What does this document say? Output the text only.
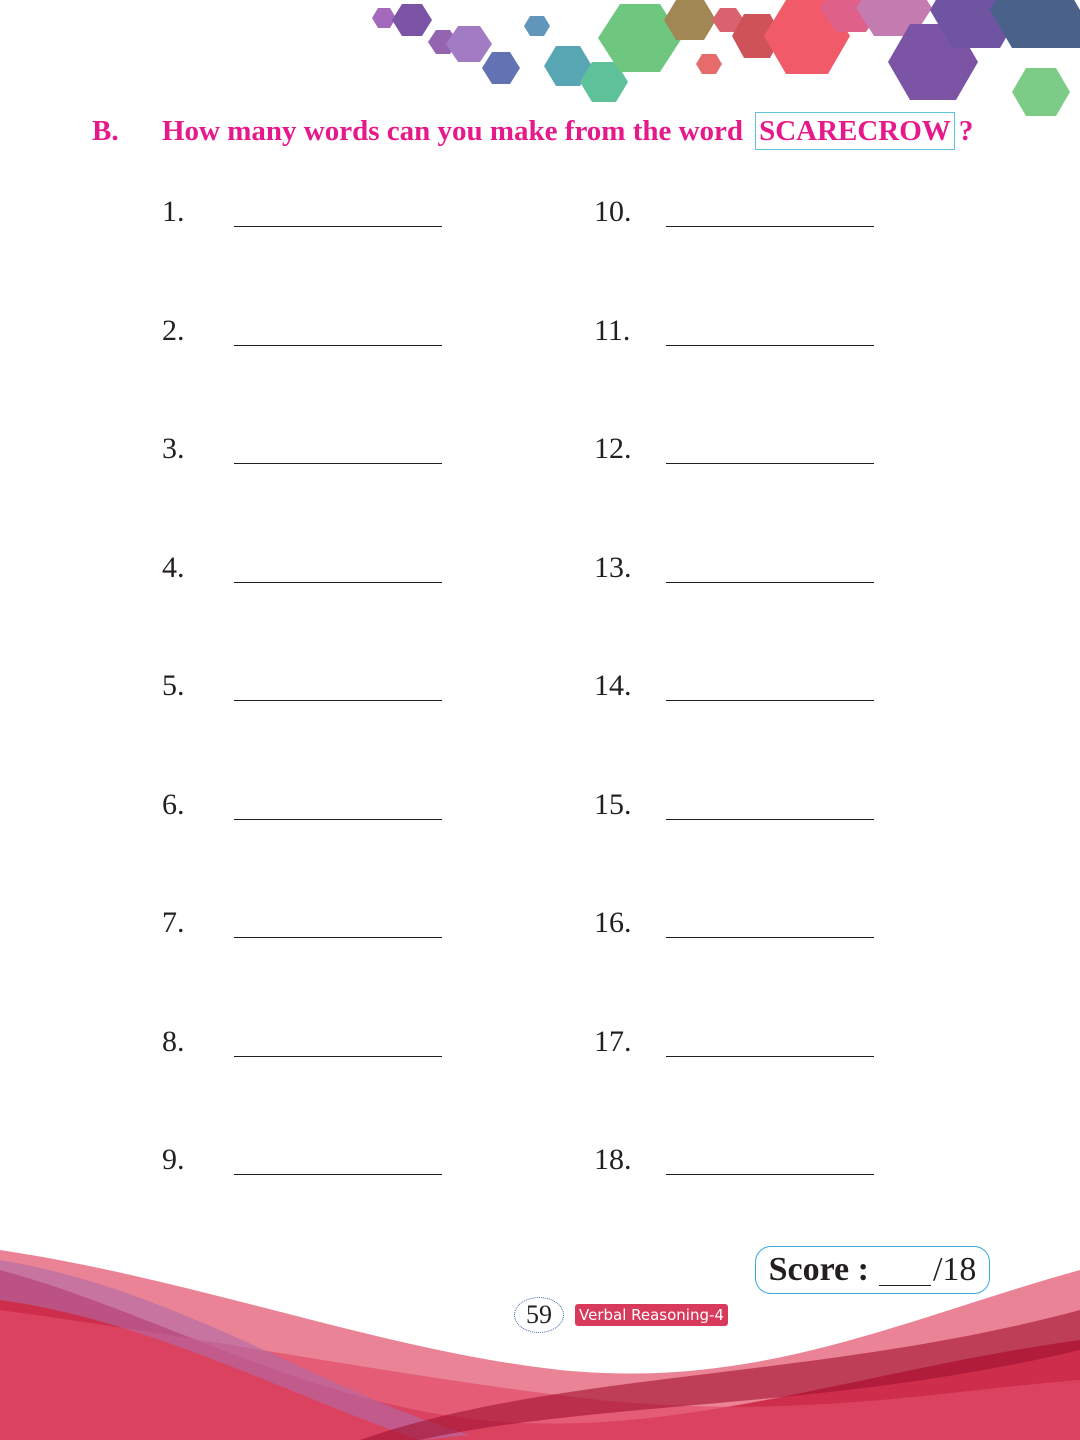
B.	How many words can you make from the word SCARECROW ?
1.	10.
2.	11.
3.	12.
4.	13.
5.	14.
6.	15.
7.	16.
8.	17.
9.	18.
Score : /18
59	Verbal Reasoning-4
